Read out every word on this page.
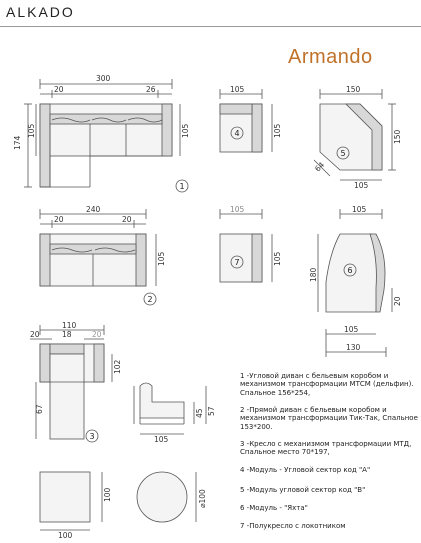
ALKADO
Armando
300
20	26
174
105	105
105
105
150
150
64
105
240
20	20
105
105
105
105
180
20
105
130
110
20	18	20
102
67
105
45 57
100
100
⌀100
1
2
3
4
5
6
7
1 -Угловой диван с бельевым коробом и механизмом трансформации МТСМ (дельфин). Спальное 156*254,
2 -Прямой диван с бельевым коробом и механизмом трансформации Тик-Так, Спальное 153*200.
3 -Кресло с механизмом трансформации МТД, Спальное место 70*197,
4 -Модуль - Угловой сектор код "А"
5 -Модуль угловой сектор код "В"
6 -Модуль - "Яхта"
7 -Полукресло с локотником
